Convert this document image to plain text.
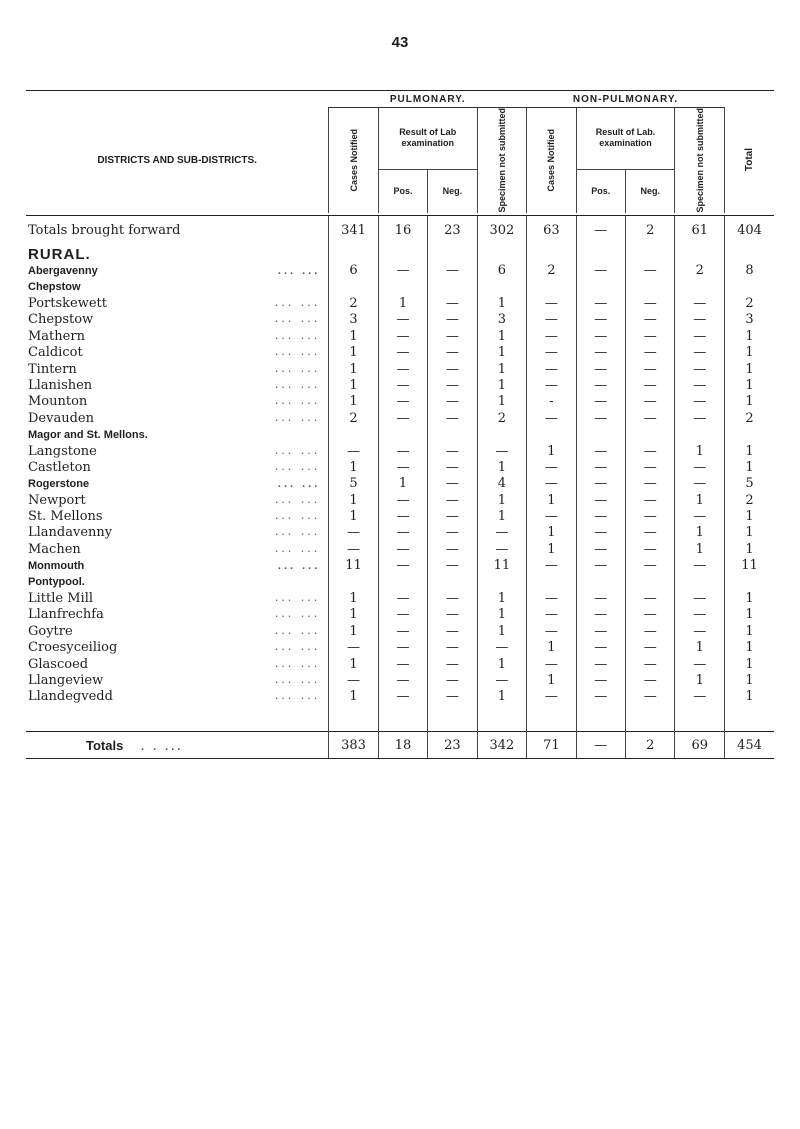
43
	PULMONARY.				NON-PULMONARY.				
DISTRICTS AND SUB-DISTRICTS.	Cases Notified	Result of Lab examination		Specimen not submitted	Cases Notified	Result of Lab. examination		Specimen not submitted	Total

		Pos.	Neg.			Pos.	Neg.		

Totals brought forward	341	16	23	302	63	—	2	61	404
RURAL.									
Abergavenny ... ...	6	—	—	6	2	—	—	2	8
Chepstow									
Portskewett ... ...	2	1	—	1	—	—	—	—	2
Chepstow ... ...	3	—	—	3	—	—	—	—	3
Mathern ... ...	1	—	—	1	—	—	—	—	1
Caldicot ... ...	1	—	—	1	—	—	—	—	1
Tintern ... ...	1	—	—	1	—	—	—	—	1
Llanishen ... ...	1	—	—	1	—	—	—	—	1
Mounton ... ...	1	—	—	1	-	—	—	—	1
Devauden ... ...	2	—	—	2	—	—	—	—	2
Magor and St. Mellons.									
Langstone ... ...	—	—	—	—	1	—	—	1	1
Castleton ... ...	1	—	—	1	—	—	—	—	1
Rogerstone ... ...	5	1	—	4	—	—	—	—	5
Newport ... ...	1	—	—	1	1	—	—	1	2
St. Mellons ... ...	1	—	—	1	—	—	—	—	1
Llandavenny ... ...	—	—	—	—	1	—	—	1	1
Machen ... ...	—	—	—	—	1	—	—	1	1
Monmouth ... ...	11	—	—	11	—	—	—	—	11
Pontypool.									
Little Mill ... ...	1	—	—	1	—	—	—	—	1
Llanfrechfa ... ...	1	—	—	1	—	—	—	—	1
Goytre ... ...	1	—	—	1	—	—	—	—	1
Croesyceiliog ... ...	—	—	—	—	1	—	—	1	1
Glascoed ... ...	1	—	—	1	—	—	—	—	1
Llangeview ... ...	—	—	—	—	1	—	—	1	1
Llandegvedd ... ...	1	—	—	1	—	—	—	—	1

Totals . . ...	383	18	23	342	71	—	2	69	454
